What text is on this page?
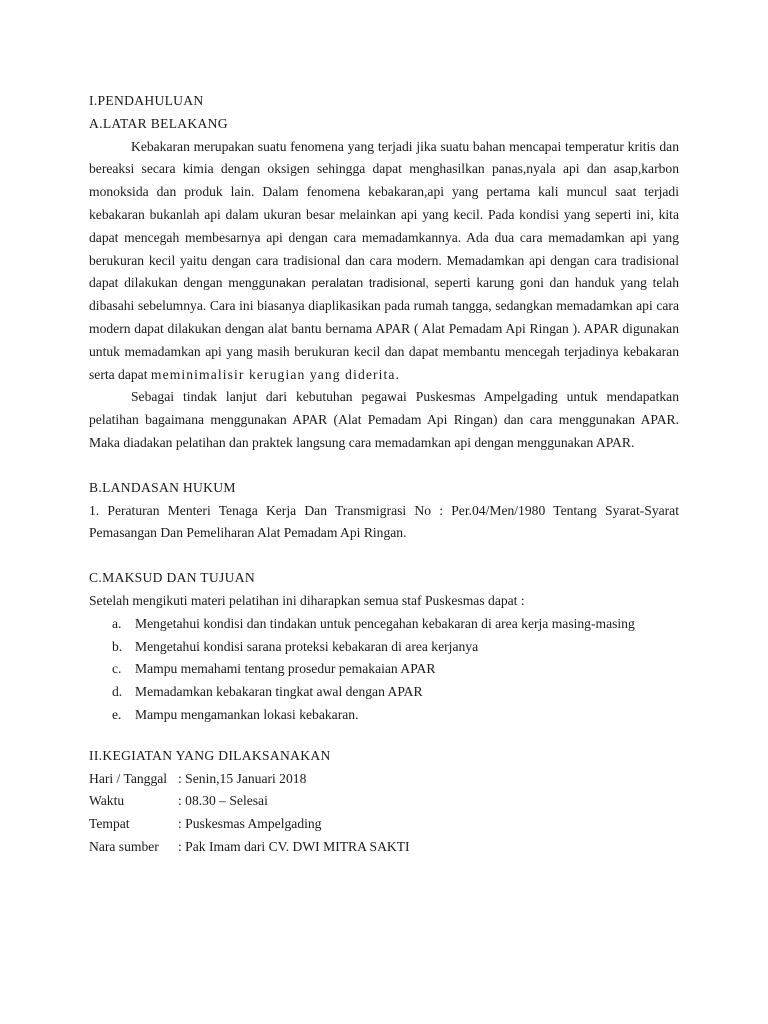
I.PENDAHULUAN
A.LATAR BELAKANG

Kebakaran merupakan suatu fenomena yang terjadi jika suatu bahan mencapai temperatur kritis dan bereaksi secara kimia dengan oksigen sehingga dapat menghasilkan panas,nyala api dan asap,karbon monoksida dan produk lain. Dalam fenomena kebakaran,api yang pertama kali muncul saat terjadi kebakaran bukanlah api dalam ukuran besar melainkan api yang kecil. Pada kondisi yang seperti ini, kita dapat mencegah membesarnya api dengan cara memadamkannya. Ada dua cara memadamkan api yang berukuran kecil yaitu dengan cara tradisional dan cara modern. Memadamkan api dengan cara tradisional dapat dilakukan dengan menggunakan peralatan tradisional, seperti karung goni dan handuk yang telah dibasahi sebelumnya. Cara ini biasanya diaplikasikan pada rumah tangga, sedangkan memadamkan api cara modern dapat dilakukan dengan alat bantu bernama APAR ( Alat Pemadam Api Ringan ). APAR digunakan untuk memadamkan api yang masih berukuran kecil dan dapat membantu mencegah terjadinya kebakaran serta dapat meminimalisir kerugian yang diderita.

Sebagai tindak lanjut dari kebutuhan pegawai Puskesmas Ampelgading untuk mendapatkan pelatihan bagaimana menggunakan APAR (Alat Pemadam Api Ringan) dan cara menggunakan APAR. Maka diadakan pelatihan dan praktek langsung cara memadamkan api dengan menggunakan APAR.

B.LANDASAN HUKUM

1. Peraturan Menteri Tenaga Kerja Dan Transmigrasi No : Per.04/Men/1980 Tentang Syarat-Syarat Pemasangan Dan Pemeliharan Alat Pemadam Api Ringan.

C.MAKSUD DAN TUJUAN

Setelah mengikuti materi pelatihan ini diharapkan semua staf Puskesmas dapat :

a. Mengetahui kondisi dan tindakan untuk pencegahan kebakaran di area kerja masing-masing
b. Mengetahui kondisi sarana proteksi kebakaran di area kerjanya
c. Mampu memahami tentang prosedur pemakaian APAR
d. Memadamkan kebakaran tingkat awal dengan APAR
e. Mampu mengamankan lokasi kebakaran.
II.KEGIATAN YANG DILAKSANAKAN
Hari / Tanggal : Senin,15 Januari 2018
Waktu	: 08.30 – Selesai
Tempat	: Puskesmas Ampelgading
Nara sumber	: Pak Imam dari CV. DWI MITRA SAKTI
